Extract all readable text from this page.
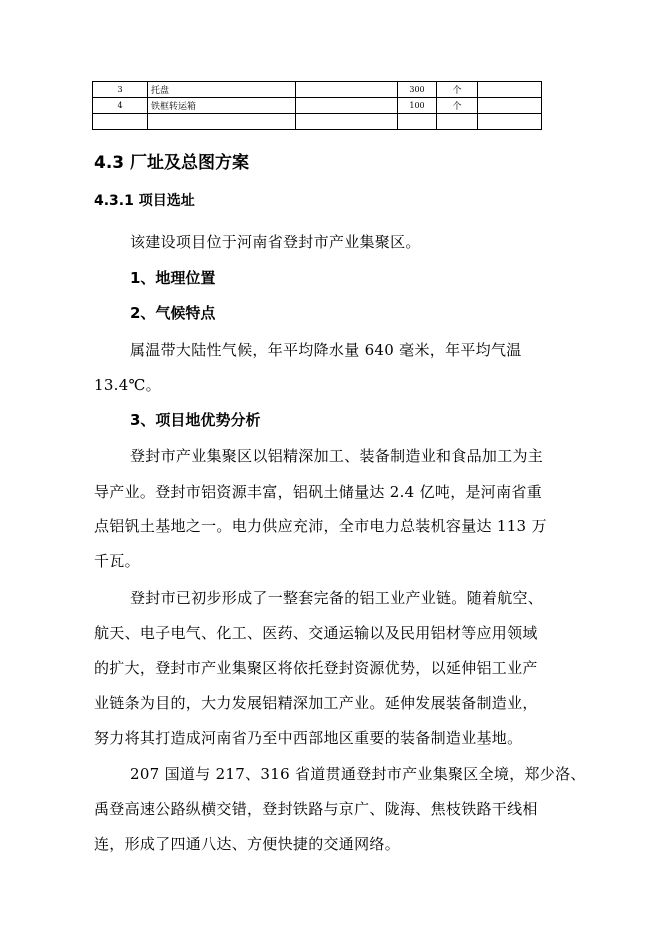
3	托盘		300	个	
4	铁框转运箱		100	个	

4.3 厂址及总图方案
4.3.1 项目选址
该建设项目位于河南省登封市产业集聚区。
1、地理位置
2、气候特点
属温带大陆性气候，年平均降水量 640 毫米，年平均气温
13.4℃。
3、项目地优势分析
登封市产业集聚区以铝精深加工、装备制造业和食品加工为主
导产业。登封市铝资源丰富，铝矾土储量达 2.4 亿吨，是河南省重
点铝钒土基地之一。电力供应充沛，全市电力总装机容量达 113 万
千瓦。
登封市已初步形成了一整套完备的铝工业产业链。随着航空、
航天、电子电气、化工、医药、交通运输以及民用铝材等应用领域
的扩大，登封市产业集聚区将依托登封资源优势，以延伸铝工业产
业链条为目的，大力发展铝精深加工产业。延伸发展装备制造业，
努力将其打造成河南省乃至中西部地区重要的装备制造业基地。
207 国道与 217、316 省道贯通登封市产业集聚区全境，郑少洛、
禹登高速公路纵横交错，登封铁路与京广、陇海、焦枝铁路干线相
连，形成了四通八达、方便快捷的交通网络。
